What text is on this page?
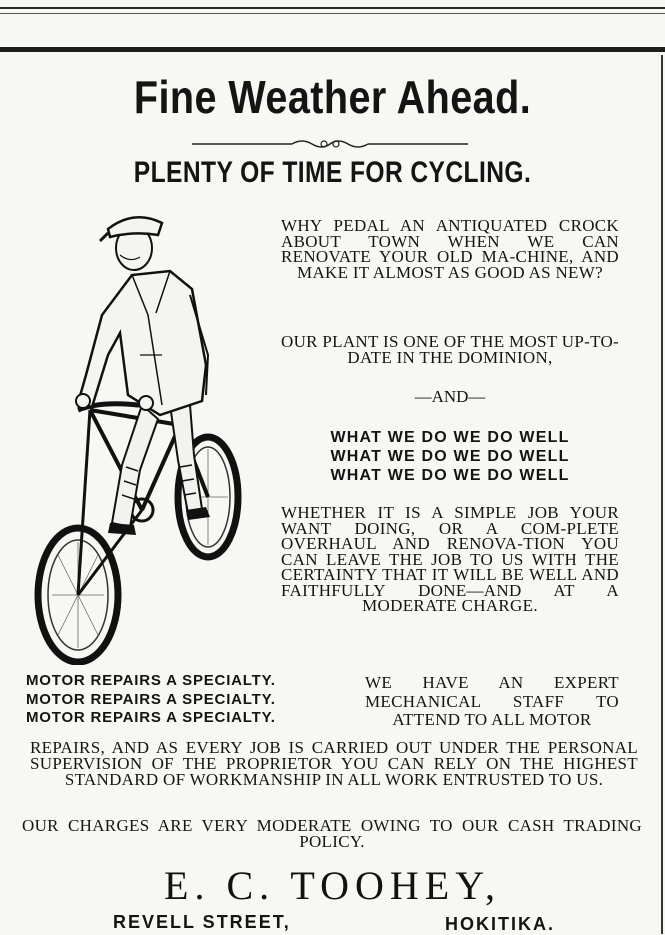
Fine Weather Ahead.
PLENTY OF TIME FOR CYCLING.
WHY PEDAL AN ANTIQUATED CROCK ABOUT TOWN WHEN WE CAN RENOVATE YOUR OLD MA-CHINE, AND MAKE IT ALMOST AS GOOD AS NEW?
OUR PLANT IS ONE OF THE MOST UP-TO-DATE IN THE DOMINION,
—AND—
WHAT WE DO WE DO WELL
WHAT WE DO WE DO WELL
WHAT WE DO WE DO WELL
WHETHER IT IS A SIMPLE JOB YOUR WANT DOING, OR A COM-PLETE OVERHAUL AND RENOVA-TION YOU CAN LEAVE THE JOB TO US WITH THE CERTAINTY THAT IT WILL BE WELL AND FAITHFULLY DONE—AND AT A MODERATE CHARGE.
MOTOR REPAIRS A SPECIALTY.
MOTOR REPAIRS A SPECIALTY.
MOTOR REPAIRS A SPECIALTY.
WE HAVE AN EXPERT MECHANICAL STAFF TO ATTEND TO ALL MOTOR
REPAIRS, AND AS EVERY JOB IS CARRIED OUT UNDER THE PERSONAL SUPERVISION OF THE PROPRIETOR YOU CAN RELY ON THE HIGHEST STANDARD OF WORKMANSHIP IN ALL WORK ENTRUSTED TO US.
OUR CHARGES ARE VERY MODERATE OWING TO OUR CASH TRADING POLICY.
E. C. TOOHEY,
REVELL STREET,	HOKITIKA.
